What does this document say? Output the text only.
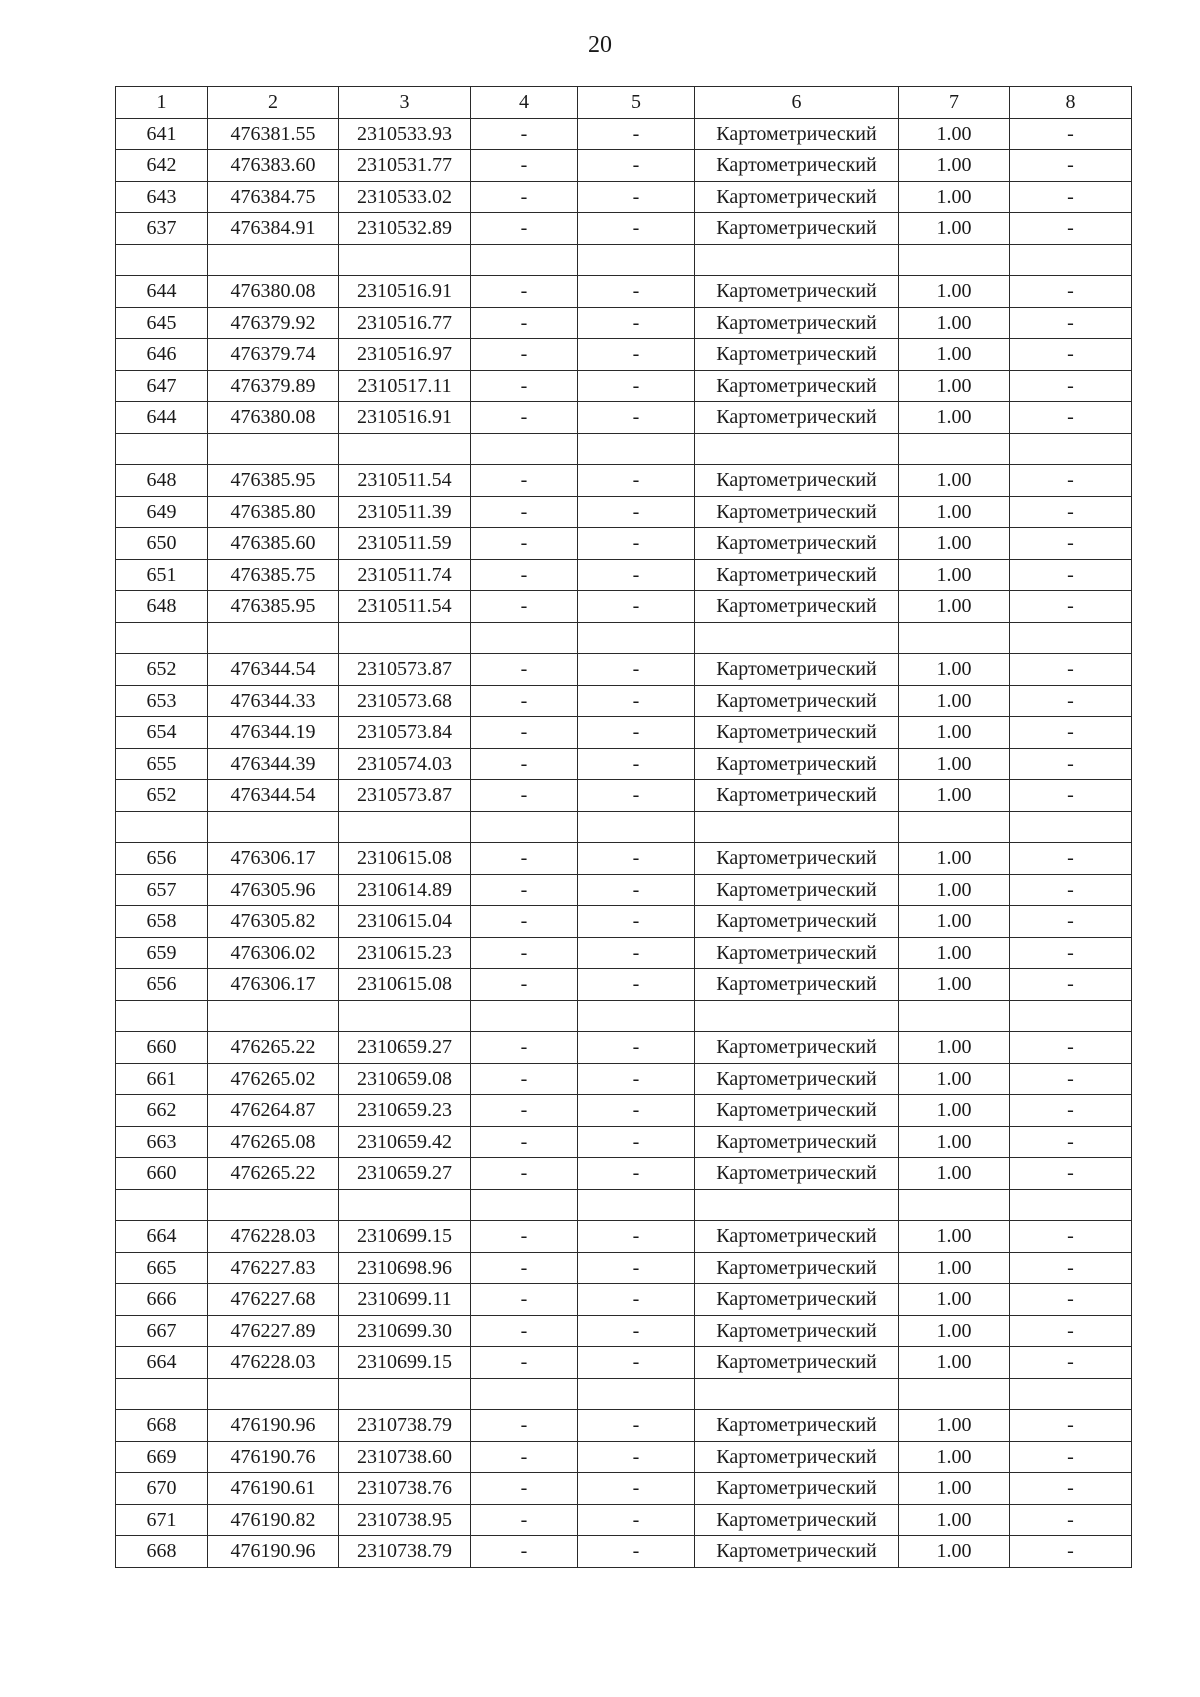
20
1	2	3	4	5	6	7	8
641	476381.55	2310533.93	-	-	Картометрический	1.00	-
642	476383.60	2310531.77	-	-	Картометрический	1.00	-
643	476384.75	2310533.02	-	-	Картометрический	1.00	-
637	476384.91	2310532.89	-	-	Картометрический	1.00	-

644	476380.08	2310516.91	-	-	Картометрический	1.00	-
645	476379.92	2310516.77	-	-	Картометрический	1.00	-
646	476379.74	2310516.97	-	-	Картометрический	1.00	-
647	476379.89	2310517.11	-	-	Картометрический	1.00	-
644	476380.08	2310516.91	-	-	Картометрический	1.00	-

648	476385.95	2310511.54	-	-	Картометрический	1.00	-
649	476385.80	2310511.39	-	-	Картометрический	1.00	-
650	476385.60	2310511.59	-	-	Картометрический	1.00	-
651	476385.75	2310511.74	-	-	Картометрический	1.00	-
648	476385.95	2310511.54	-	-	Картометрический	1.00	-

652	476344.54	2310573.87	-	-	Картометрический	1.00	-
653	476344.33	2310573.68	-	-	Картометрический	1.00	-
654	476344.19	2310573.84	-	-	Картометрический	1.00	-
655	476344.39	2310574.03	-	-	Картометрический	1.00	-
652	476344.54	2310573.87	-	-	Картометрический	1.00	-

656	476306.17	2310615.08	-	-	Картометрический	1.00	-
657	476305.96	2310614.89	-	-	Картометрический	1.00	-
658	476305.82	2310615.04	-	-	Картометрический	1.00	-
659	476306.02	2310615.23	-	-	Картометрический	1.00	-
656	476306.17	2310615.08	-	-	Картометрический	1.00	-

660	476265.22	2310659.27	-	-	Картометрический	1.00	-
661	476265.02	2310659.08	-	-	Картометрический	1.00	-
662	476264.87	2310659.23	-	-	Картометрический	1.00	-
663	476265.08	2310659.42	-	-	Картометрический	1.00	-
660	476265.22	2310659.27	-	-	Картометрический	1.00	-

664	476228.03	2310699.15	-	-	Картометрический	1.00	-
665	476227.83	2310698.96	-	-	Картометрический	1.00	-
666	476227.68	2310699.11	-	-	Картометрический	1.00	-
667	476227.89	2310699.30	-	-	Картометрический	1.00	-
664	476228.03	2310699.15	-	-	Картометрический	1.00	-

668	476190.96	2310738.79	-	-	Картометрический	1.00	-
669	476190.76	2310738.60	-	-	Картометрический	1.00	-
670	476190.61	2310738.76	-	-	Картометрический	1.00	-
671	476190.82	2310738.95	-	-	Картометрический	1.00	-
668	476190.96	2310738.79	-	-	Картометрический	1.00	-
